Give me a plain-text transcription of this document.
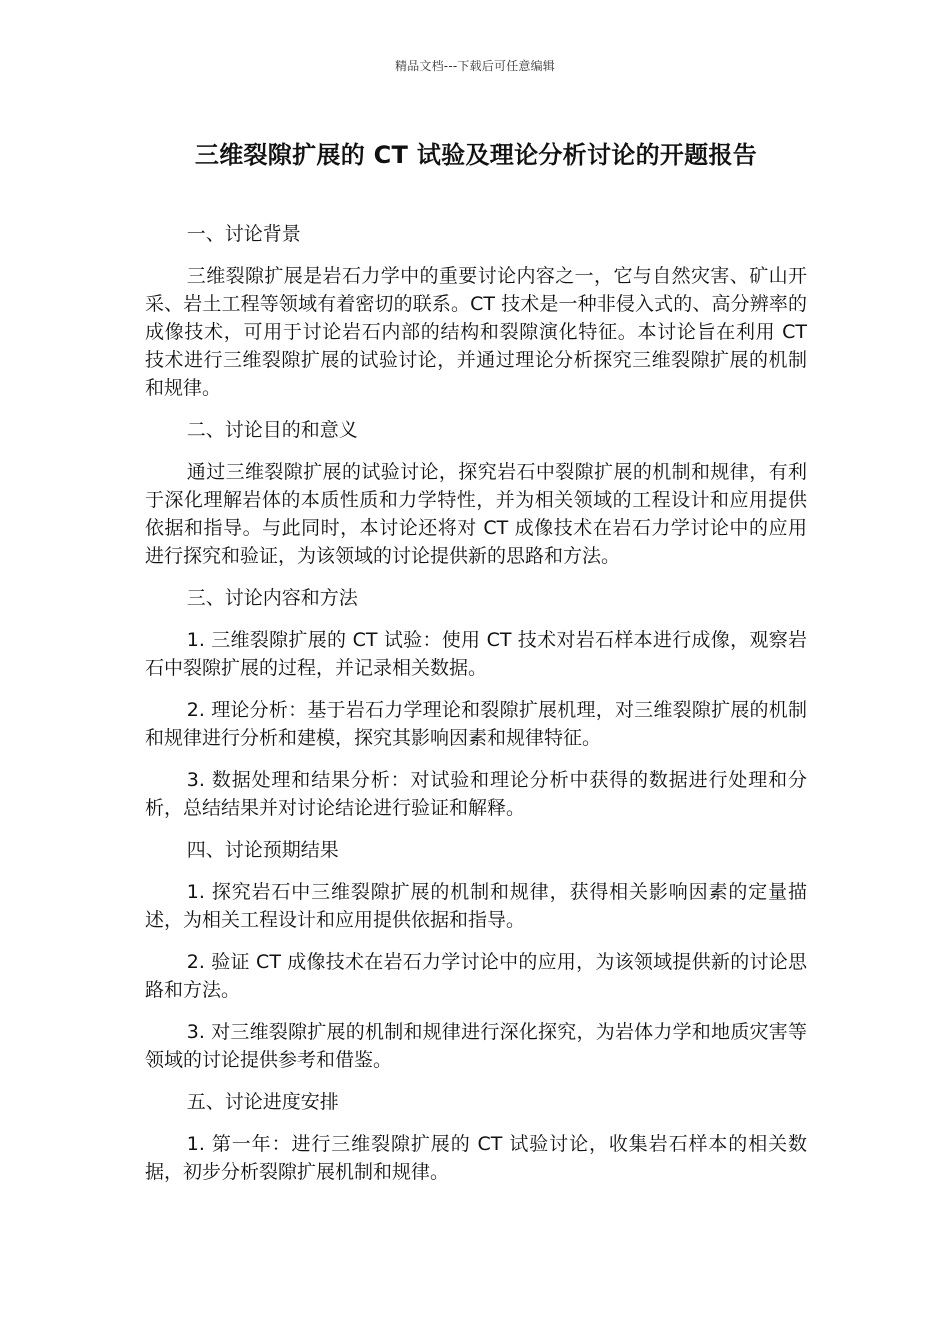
精品文档---下载后可任意编辑
三维裂隙扩展的 CT 试验及理论分析讨论的开题报告

一、讨论背景

三维裂隙扩展是岩石力学中的重要讨论内容之一，它与自然灾害、矿山开采、岩土工程等领域有着密切的联系。CT 技术是一种非侵入式的、高分辨率的成像技术，可用于讨论岩石内部的结构和裂隙演化特征。本讨论旨在利用 CT 技术进行三维裂隙扩展的试验讨论，并通过理论分析探究三维裂隙扩展的机制和规律。

二、讨论目的和意义

通过三维裂隙扩展的试验讨论，探究岩石中裂隙扩展的机制和规律，有利于深化理解岩体的本质性质和力学特性，并为相关领域的工程设计和应用提供依据和指导。与此同时，本讨论还将对 CT 成像技术在岩石力学讨论中的应用进行探究和验证，为该领域的讨论提供新的思路和方法。

三、讨论内容和方法

1. 三维裂隙扩展的 CT 试验：使用 CT 技术对岩石样本进行成像，观察岩石中裂隙扩展的过程，并记录相关数据。

2. 理论分析：基于岩石力学理论和裂隙扩展机理，对三维裂隙扩展的机制和规律进行分析和建模，探究其影响因素和规律特征。

3. 数据处理和结果分析：对试验和理论分析中获得的数据进行处理和分析，总结结果并对讨论结论进行验证和解释。

四、讨论预期结果

1. 探究岩石中三维裂隙扩展的机制和规律，获得相关影响因素的定量描述，为相关工程设计和应用提供依据和指导。

2. 验证 CT 成像技术在岩石力学讨论中的应用，为该领域提供新的讨论思路和方法。

3. 对三维裂隙扩展的机制和规律进行深化探究，为岩体力学和地质灾害等领域的讨论提供参考和借鉴。

五、讨论进度安排

1. 第一年：进行三维裂隙扩展的 CT 试验讨论，收集岩石样本的相关数据，初步分析裂隙扩展机制和规律。
